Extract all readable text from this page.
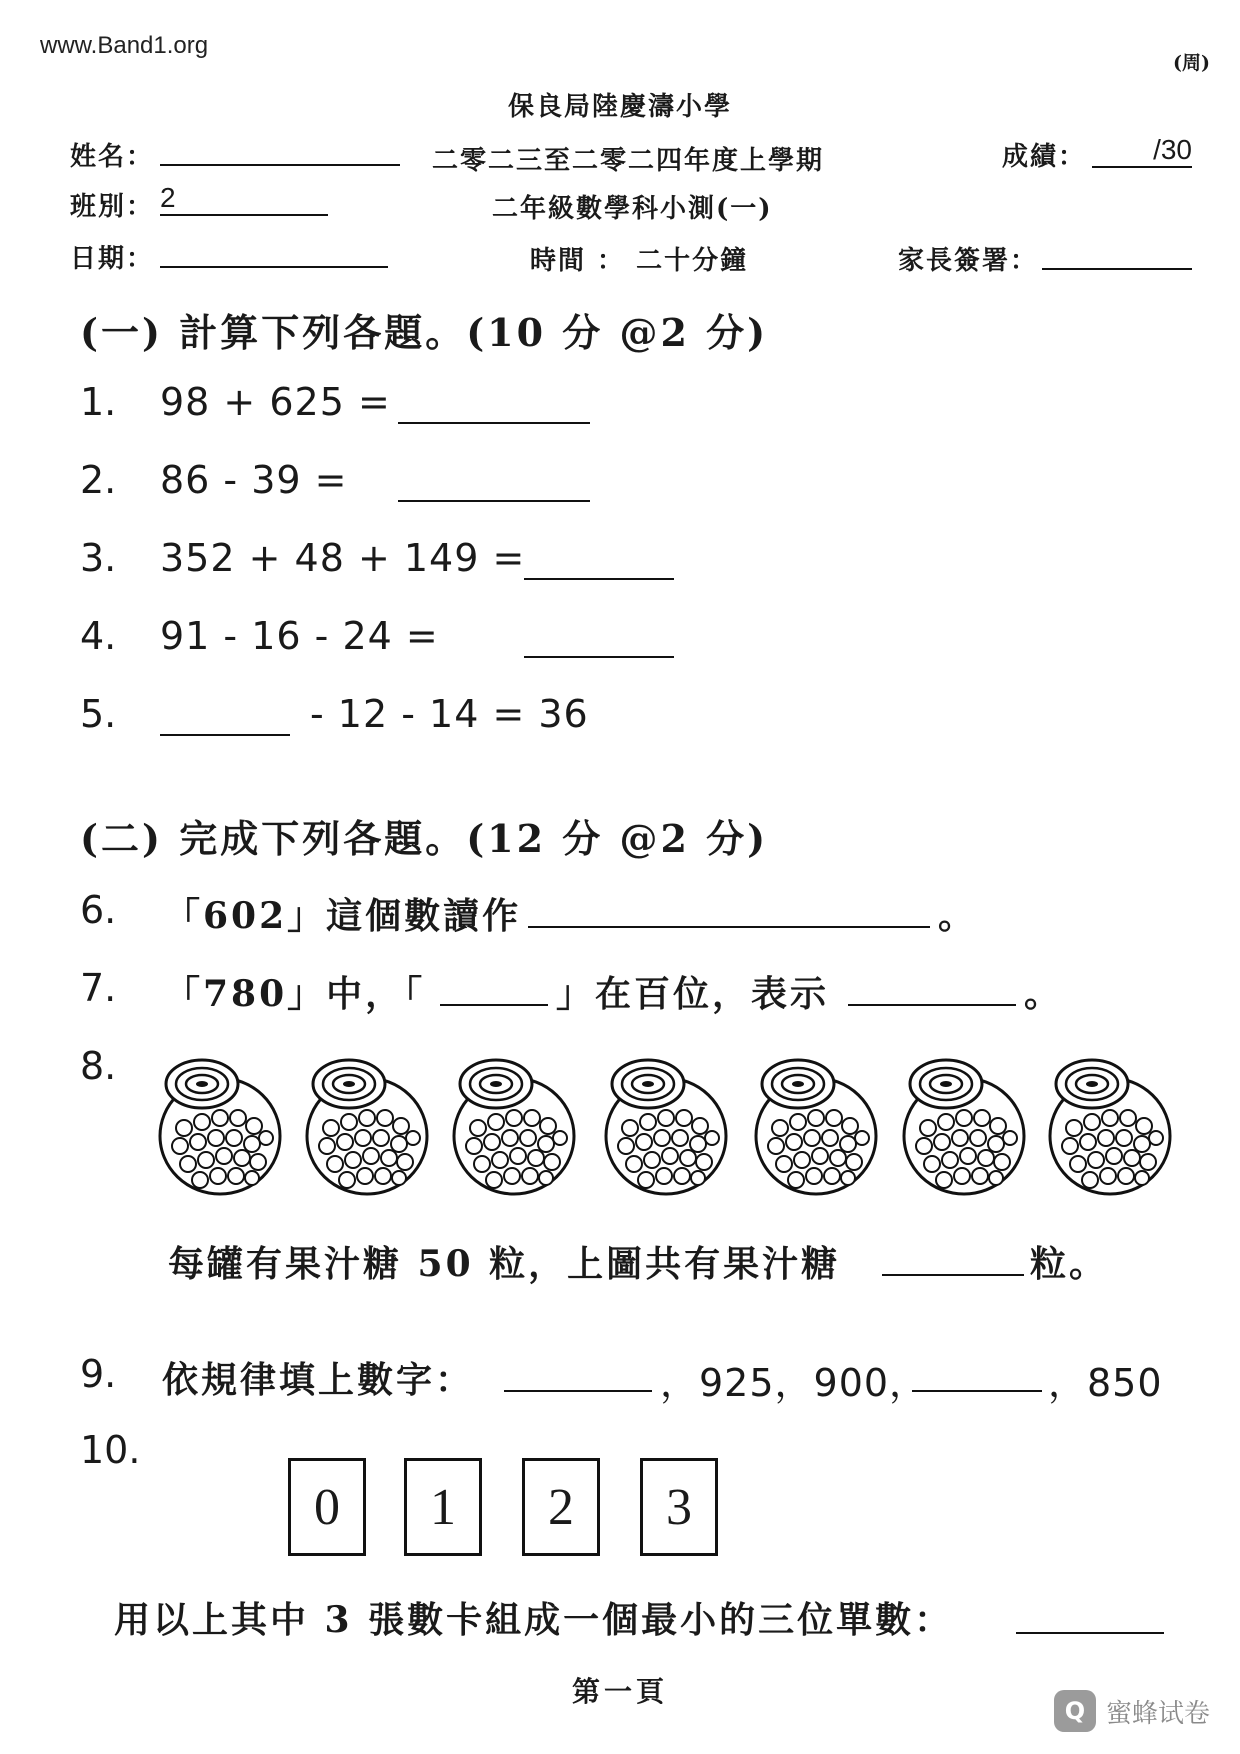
www.Band1.org
(周)
保良局陸慶濤小學
姓名：	二零二三至二零二四年度上學期	成績：	/30
班別： 2	二年級數學科小測(一)
日期：	時間 ： 二十分鐘	家長簽署：
(一) 計算下列各題。(10 分 @2 分)
1. 98 + 625 =
2. 86 - 39 =
3. 352 + 48 + 149 =
4. 91 - 16 - 24 =
5.	- 12 - 14 = 36
(二) 完成下列各題。(12 分 @2 分)
6. 「602」這個數讀作	。
7. 「780」中，「	」在百位，表示	。
8.
每罐有果汁糖 50 粒，上圖共有果汁糖	粒。
9. 依規律填上數字：	，925，900，	，850
10.
0	1	2	3
用以上其中 3 張數卡組成一個最小的三位單數：
第一頁
Q 蜜蜂试卷
